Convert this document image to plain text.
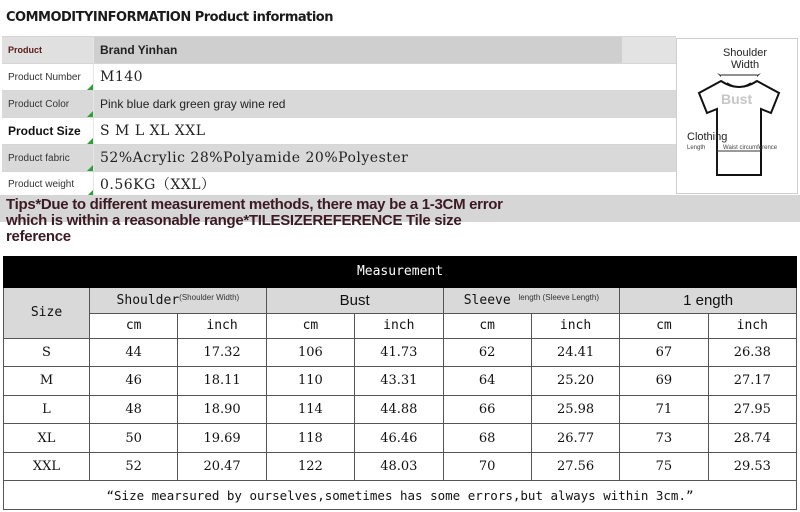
COMMODITYINFORMATION Product information
Product	Brand Yinhan
Product Number	M140
Product Color	Pink blue dark green gray wine red
Product Size	S M L XL XXL
Product fabric	52%Acrylic 28%Polyamide 20%Polyester
Product weight	0.56KG（XXL）
Shoulder Width
Bust
Clothing
Length	Waist circumference
Tips*Due to different measurement methods, there may be a 1-3CM error which is within a reasonable range*TILESIZEREFERENCE Tile size reference
Measurement								
Size	Shoulder$^{(Shoulder Width)}$		Bust		Sleeve $^{length (Sleeve Length)}$		1 ength	
	cm	inch	cm	inch	cm	inch	cm	inch
S	44	17.32	106	41.73	62	24.41	67	26.38
M	46	18.11	110	43.31	64	25.20	69	27.17
L	48	18.90	114	44.88	66	25.98	71	27.95
XL	50	19.69	118	46.46	68	26.77	73	28.74
XXL	52	20.47	122	48.03	70	27.56	75	29.53
“Size mearsured by ourselves,sometimes has some errors,but always within 3cm.”								
